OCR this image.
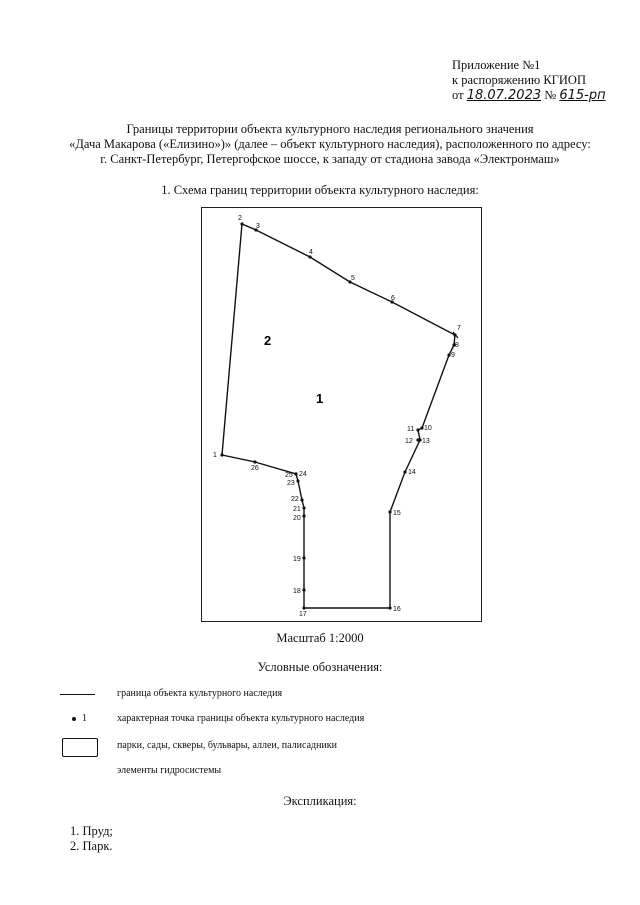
Приложение №1
к распоряжению КГИОП
от 18.07.2023 № 615-рп
Границы территории объекта культурного наследия регионального значения
«Дача Макарова («Елизино»)» (далее – объект культурного наследия), расположенного по адресу:
г. Санкт-Петербург, Петергофское шоссе, к западу от стадиона завода «Электронмаш»
1. Схема границ территории объекта культурного наследия:
1
2
3
4
5
6
7
8
9
10
11
12 13
14
15
16
17
18
19
20
21
22
23
24
25
26
2
1
Масштаб 1:2000
Условные обозначения:
граница объекта культурного наследия
1	характерная точка границы объекта культурного наследия
парки, сады, скверы, бульвары, аллеи, палисадники
элементы гидросистемы
Экспликация:
1. Пруд;
2. Парк.
